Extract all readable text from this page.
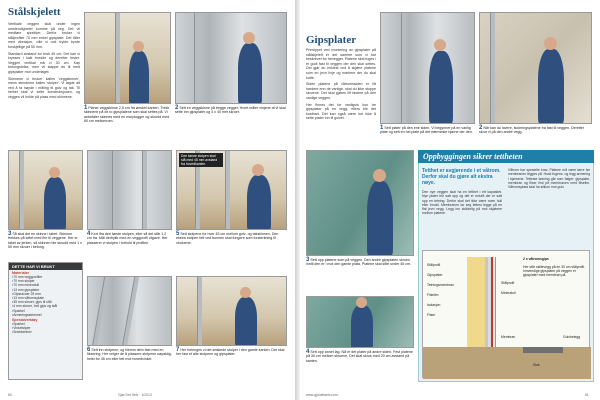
Stålskjelett

Vertikale veggen skal under ingen omstendigheter komme på veg. Det vil medføre sprekker. Derfor bruker vi stålprofiler 70 mm enkel gipsplate. Det tåler med vibrasjon, ville vi nok trykte byrde forskjellige på 50 mm.

Standard avstand for bruk 45 cm. Det kan vi krysses i kalk bredde og deretter fester. Veggen vertikal må vi 30 cm. Kap betongstolka, men vil stappe du til med gipsplater mot underlaget.

Skinnene vi bruker kalles 'veggskinner', mens stenderne kalles 'stolper'. Vi lagde alt ved å ta høyde i måling til gulv og tak. Til helhet skal vi sette konstruksjonen, og veggen vil holde på plass med skinnene.

1Planer veggskinne 2,5 cm fra ønsket kanten. Trekk skinnene på de to gipsplatene som skal settes på. Vi anbefaler skinnes med en murplugger og skrudd med 60 cm mellomrom.
2Sett en veggskinne på begge vegger. Hvert måler vinjene at vi skal sette inn gipsplater og 4 x 40 mm skruer.
3Så skal det en skinne i taket. Skinnen trekkes på loftet med fire til veggene. Her er taket av jerken, så skinnen ble skrudd med 1 x 50 mm skruer i betong.
4Kort ifra den første stolpen, eller så det står 1,2 cm fra. Mål derbykk med en veggprofil utgave. Her plasserer vi stolpen i forhold til profilen.
Den første stolpen skal stå med 45 mm avstand fra hovedkanten.
5Sett stolpene for hver 45 cm mellom gulv- og takskinnen. Den ekstra stolpen tett ved bunnen skal fungere som forsterkning til vinduene.
DETTE HAR VI BRUKT
Materialer
▪ 70 mm veggprofiler
▪ 70 mm stolper
▪ 70 mm mineralull
▪ 13 mm gipsplater
▪ Gipsskruer 25 mm
▪ 13 mm våtromsplate
▪ 35 mm skruer, gips til stål
▪ 4 mm skruer, hvit gips og stål
▪ Sparkel
▪ Armeringsstrimmel
Spesialverktøy
▪ Sparkel
▪ Vinkelsliper
▪ Snekkerkniv
6Sett inn stolpene, og klemm dem fast med en fiksering. Her velger de å plassere stolpene nøyaktig, helst for 45 cm eller tett mot hovedvinkel.
7Her forlenges vi det ønskede stolper i den gamle kanten. Det skal her fast et alle stolpene og gipsplater.
60	Gjør Det Selv · 1/2013
Gipsplater

Prinsippet ved montering av gipsplater på stålskjelett er det samme som vi har beskrevet for trevegger. Platene skal fuges i et godt fast til veggen der den skal settes. Det gjør du enklest ved å skjære platene som en jevn linje og markere der du skal kutte.

Siden platene på våtromssiden er litt hardere enn de vanlige, skal du ikke stoppe skruene. Det skal gjøres litt fastere på den vanlige veggen.

Her finnes det for vanligvis kun tre gipsplater på en vegg, ellers blir det kostbart. Det kan også være lurt ikke å sette plater inn til gulvet.

1Sett plater på den ene siden. Vi begynner på en vanlig plate og sett en hel plate på det nærmeste hjørne der den.
2Når kan du lavere, isoleringsplatene fra fast til veggen. Deretter skrur vi på den andre vegg.
3Sett opp platene som på veggen. Den andre gipsplaten skrues inntil den er i mot den gamle plata. Platene skal sitte under 45 cm.
4Sett opp annet lag. Nå er det plater på andre siden. Fest platene på 30 cm mellom skruene. Det skal skrus med 20 cm avstand på kanten.
Oppbyggingen sikrer tettheten
Tetthet er avgjørende i et våtrom. Derfor skal du gjøre alt ekstra nøye.
Den nye veggen skal ha en tetthet i ett kapasitet. Nye plater blir satt opp og det er enkelt der er satt opp en tetning. Derfor skal det ikke være noen hull eller brudd. Membranen lar seg lettest legge på en flat jevn vegg. Legg inn skikkelig på mot skjøtene mellom platene.
Våtrom har spesielle krav. Platene må være tørre før membranen legges på. Husk fugene, og legg armering i hjørnene. Tetteste løsning går som følger: gipsplate, membran og fliser limt på membranen med fliselim. Våtromsplata skal ha silikon mot gulv.
2 x våtromsgips
Stålprofil
Gipsplater
Tetningsmembran
Fliselim
Isolasjon
Fliser
Stålprofil
Mineralull
Gulvbelegg
Membran
Sluk
Her står skillevegg på en 30 cm stålprofil. Innvendige gipsplater på veggen er gipsplater med membran på.
www.gjordetselv.com	61
